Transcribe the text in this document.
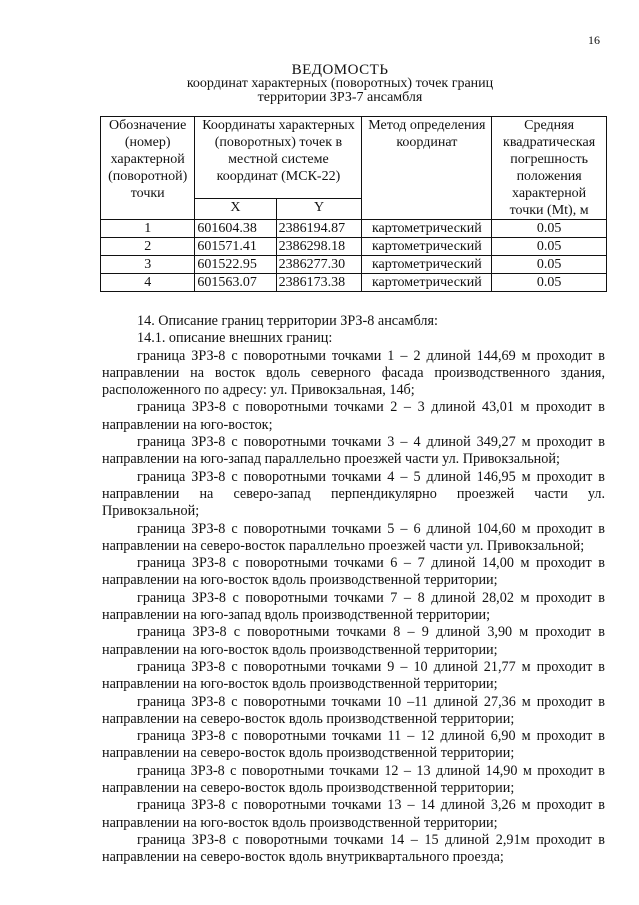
16
ВЕДОМОСТЬ
координат характерных (поворотных) точек границ
территории ЗРЗ-7 ансамбля
Обозначение (номер) характерной (поворотной) точки	Координаты характерных (поворотных) точек в местной системе координат (МСК-22)		Метод определения координат	Средняя квадратическая погрешность положения характерной точки (Mt), м
	X	Y		
1	601604.38	2386194.87	картометрический	0.05
2	601571.41	2386298.18	картометрический	0.05
3	601522.95	2386277.30	картометрический	0.05
4	601563.07	2386173.38	картометрический	0.05

14. Описание границ территории ЗРЗ-8 ансамбля:

14.1. описание внешних границ:

граница ЗРЗ-8 с поворотными точками 1 – 2 длиной 144,69 м проходит в направлении на восток вдоль северного фасада производственного здания, расположенного по адресу: ул. Привокзальная, 14б;

граница ЗРЗ-8 с поворотными точками 2 – 3 длиной 43,01 м проходит в направлении на юго-восток;

граница ЗРЗ-8 с поворотными точками 3 – 4 длиной 349,27 м проходит в направлении на юго-запад параллельно проезжей части ул. Привокзальной;

граница ЗРЗ-8 с поворотными точками 4 – 5 длиной 146,95 м проходит в направлении на северо-запад перпендикулярно проезжей части ул. Привокзальной;

граница ЗРЗ-8 с поворотными точками 5 – 6 длиной 104,60 м проходит в направлении на северо-восток параллельно проезжей части ул. Привокзальной;

граница ЗРЗ-8 с поворотными точками 6 – 7 длиной 14,00 м проходит в направлении на юго-восток вдоль производственной территории;

граница ЗРЗ-8 с поворотными точками 7 – 8 длиной 28,02 м проходит в направлении на юго-запад вдоль производственной территории;

граница ЗРЗ-8 с поворотными точками 8 – 9 длиной 3,90 м проходит в направлении на юго-восток вдоль производственной территории;

граница ЗРЗ-8 с поворотными точками 9 – 10 длиной 21,77 м проходит в направлении на юго-восток вдоль производственной территории;

граница ЗРЗ-8 с поворотными точками 10 –11 длиной 27,36 м проходит в направлении на северо-восток вдоль производственной территории;

граница ЗРЗ-8 с поворотными точками 11 – 12 длиной 6,90 м проходит в направлении на северо-восток вдоль производственной территории;

граница ЗРЗ-8 с поворотными точками 12 – 13 длиной 14,90 м проходит в направлении на северо-восток вдоль производственной территории;

граница ЗРЗ-8 с поворотными точками 13 – 14 длиной 3,26 м проходит в направлении на юго-восток вдоль производственной территории;

граница ЗРЗ-8 с поворотными точками 14 – 15 длиной 2,91м проходит в направлении на северо-восток вдоль внутриквартального проезда;
